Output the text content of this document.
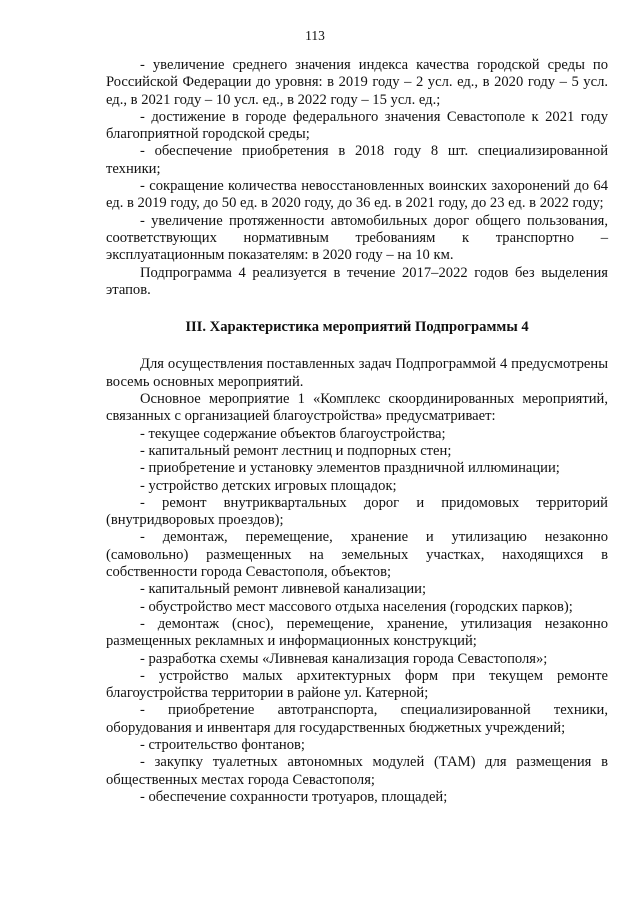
113

- увеличение среднего значения индекса качества городской среды по Российской Федерации до уровня: в 2019 году – 2 усл. ед., в 2020 году – 5 усл. ед., в 2021 году – 10 усл. ед., в 2022 году – 15 усл. ед.;

- достижение в городе федерального значения Севастополе к 2021 году благоприятной городской среды;

- обеспечение приобретения в 2018 году 8 шт. специализированной техники;

- сокращение количества невосстановленных воинских захоронений до 64 ед. в 2019 году, до 50 ед. в 2020 году, до 36 ед. в 2021 году, до 23 ед. в 2022 году;

- увеличение протяженности автомобильных дорог общего пользования, соответствующих нормативным требованиям к транспортно – эксплуатационным показателям: в 2020 году – на 10 км.

Подпрограмма 4 реализуется в течение 2017–2022 годов без выделения этапов.

III. Характеристика мероприятий Подпрограммы 4

Для осуществления поставленных задач Подпрограммой 4 предусмотрены восемь основных мероприятий.

Основное мероприятие 1 «Комплекс скоординированных мероприятий, связанных с организацией благоустройства» предусматривает:

- текущее содержание объектов благоустройства;

- капитальный ремонт лестниц и подпорных стен;

- приобретение и установку элементов праздничной иллюминации;

- устройство детских игровых площадок;

- ремонт внутриквартальных дорог и придомовых территорий (внутридворовых проездов);

- демонтаж, перемещение, хранение и утилизацию незаконно (самовольно) размещенных на земельных участках, находящихся в собственности города Севастополя, объектов;

- капитальный ремонт ливневой канализации;

- обустройство мест массового отдыха населения (городских парков);

- демонтаж (снос), перемещение, хранение, утилизация незаконно размещенных рекламных и информационных конструкций;

- разработка схемы «Ливневая канализация города Севастополя»;

- устройство малых архитектурных форм при текущем ремонте благоустройства территории в районе ул. Катерной;

- приобретение автотранспорта, специализированной техники, оборудования и инвентаря для государственных бюджетных учреждений;

- строительство фонтанов;

- закупку туалетных автономных модулей (ТАМ) для размещения в общественных местах города Севастополя;

- обеспечение сохранности тротуаров, площадей;
